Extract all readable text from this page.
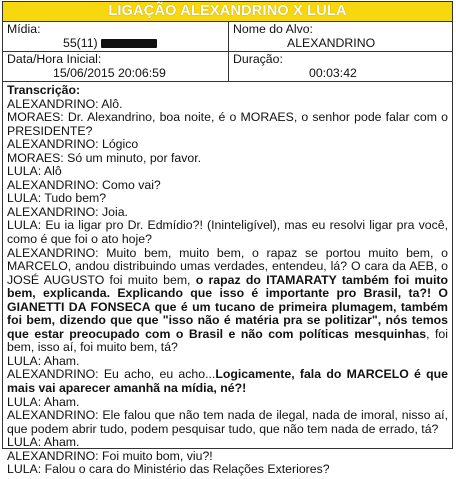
LIGAÇÃO ALEXANDRINO X LULA
Mídia:
55(11)
Nome do Alvo:
ALEXANDRINO
Data/Hora Inicial:
15/06/2015 20:06:59
Duração:
00:03:42
Transcrição:

ALEXANDRINO: Alô.

MORAES: Dr. Alexandrino, boa noite, é o MORAES, o senhor pode falar com o PRESIDENTE?

ALEXANDRINO: Lógico

MORAES: Só um minuto, por favor.

LULA: Alô

ALEXANDRINO: Como vai?

LULA: Tudo bem?

ALEXANDRINO: Joia.

LULA: Eu ia ligar pro Dr. Edmídio?! (Ininteligível), mas eu resolvi ligar pra você, como é que foi o ato hoje?

ALEXANDRINO: Muito bem, muito bem, o rapaz se portou muito bem, o MARCELO, andou distribuindo umas verdades, entendeu, lá? O cara da AEB, o JOSÉ AUGUSTO foi muito bem, o rapaz do ITAMARATY também foi muito bem, explicanda. Explicando que isso é importante pro Brasil, ta?! O GIANETTI DA FONSECA que é um tucano de primeira plumagem, também foi bem, dizendo que que "isso não é matéria pra se politizar", nós temos que estar preocupado com o Brasil e não com políticas mesquinhas, foi bem, isso aí, foi muito bem, tá?

LULA: Aham.

ALEXANDRINO: Eu acho, eu acho...Logicamente, fala do MARCELO é que mais vai aparecer amanhã na mídia, né?!

LULA: Aham.

ALEXANDRINO: Ele falou que não tem nada de ilegal, nada de imoral, nisso aí, que podem abrir tudo, podem pesquisar tudo, que não tem nada de errado, tá?

LULA: Aham.

ALEXANDRINO: Foi muito bom, viu?!

LULA: Falou o cara do Ministério das Relações Exteriores?
